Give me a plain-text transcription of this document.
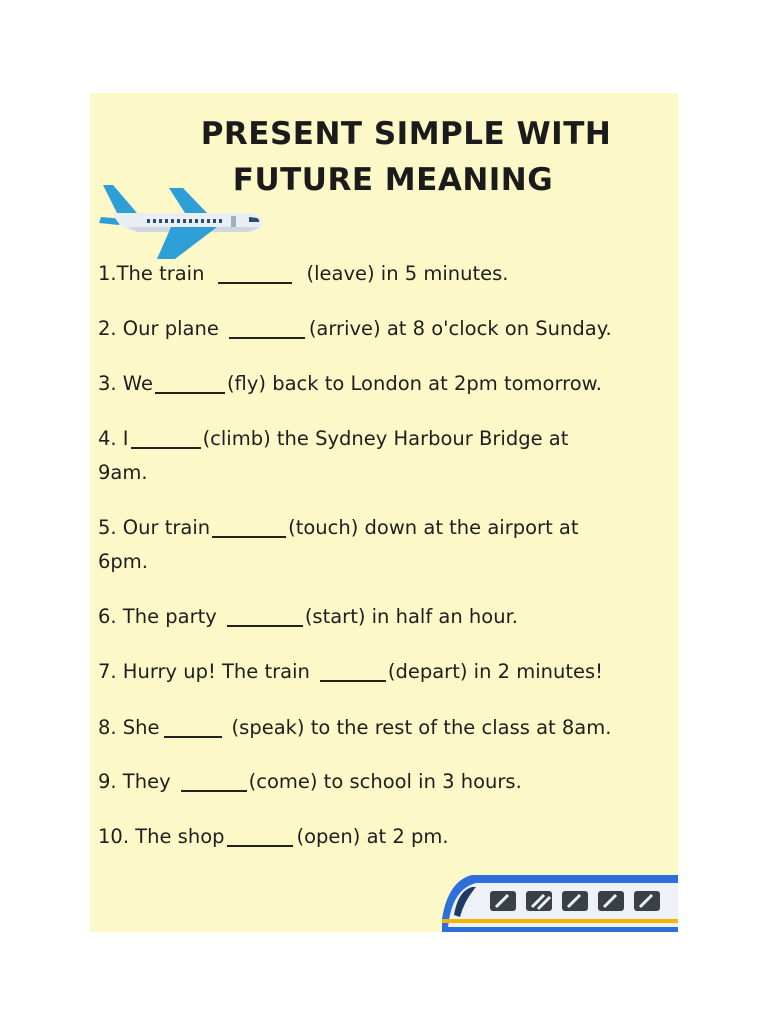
PRESENT SIMPLE WITH
FUTURE MEANING

1.The train	(leave) in 5 minutes.

2. Our plane	(arrive) at 8 o'clock on Sunday.

3. We	(fly) back to London at 2pm tomorrow.

4. I	(climb) the Sydney Harbour Bridge at
9am.

5. Our train	(touch) down at the airport at
6pm.

6. The party	(start) in half an hour.

7. Hurry up! The train	(depart) in 2 minutes!

8. She	(speak) to the rest of the class at 8am.

9. They	(come) to school in 3 hours.

10. The shop	(open) at 2 pm.
